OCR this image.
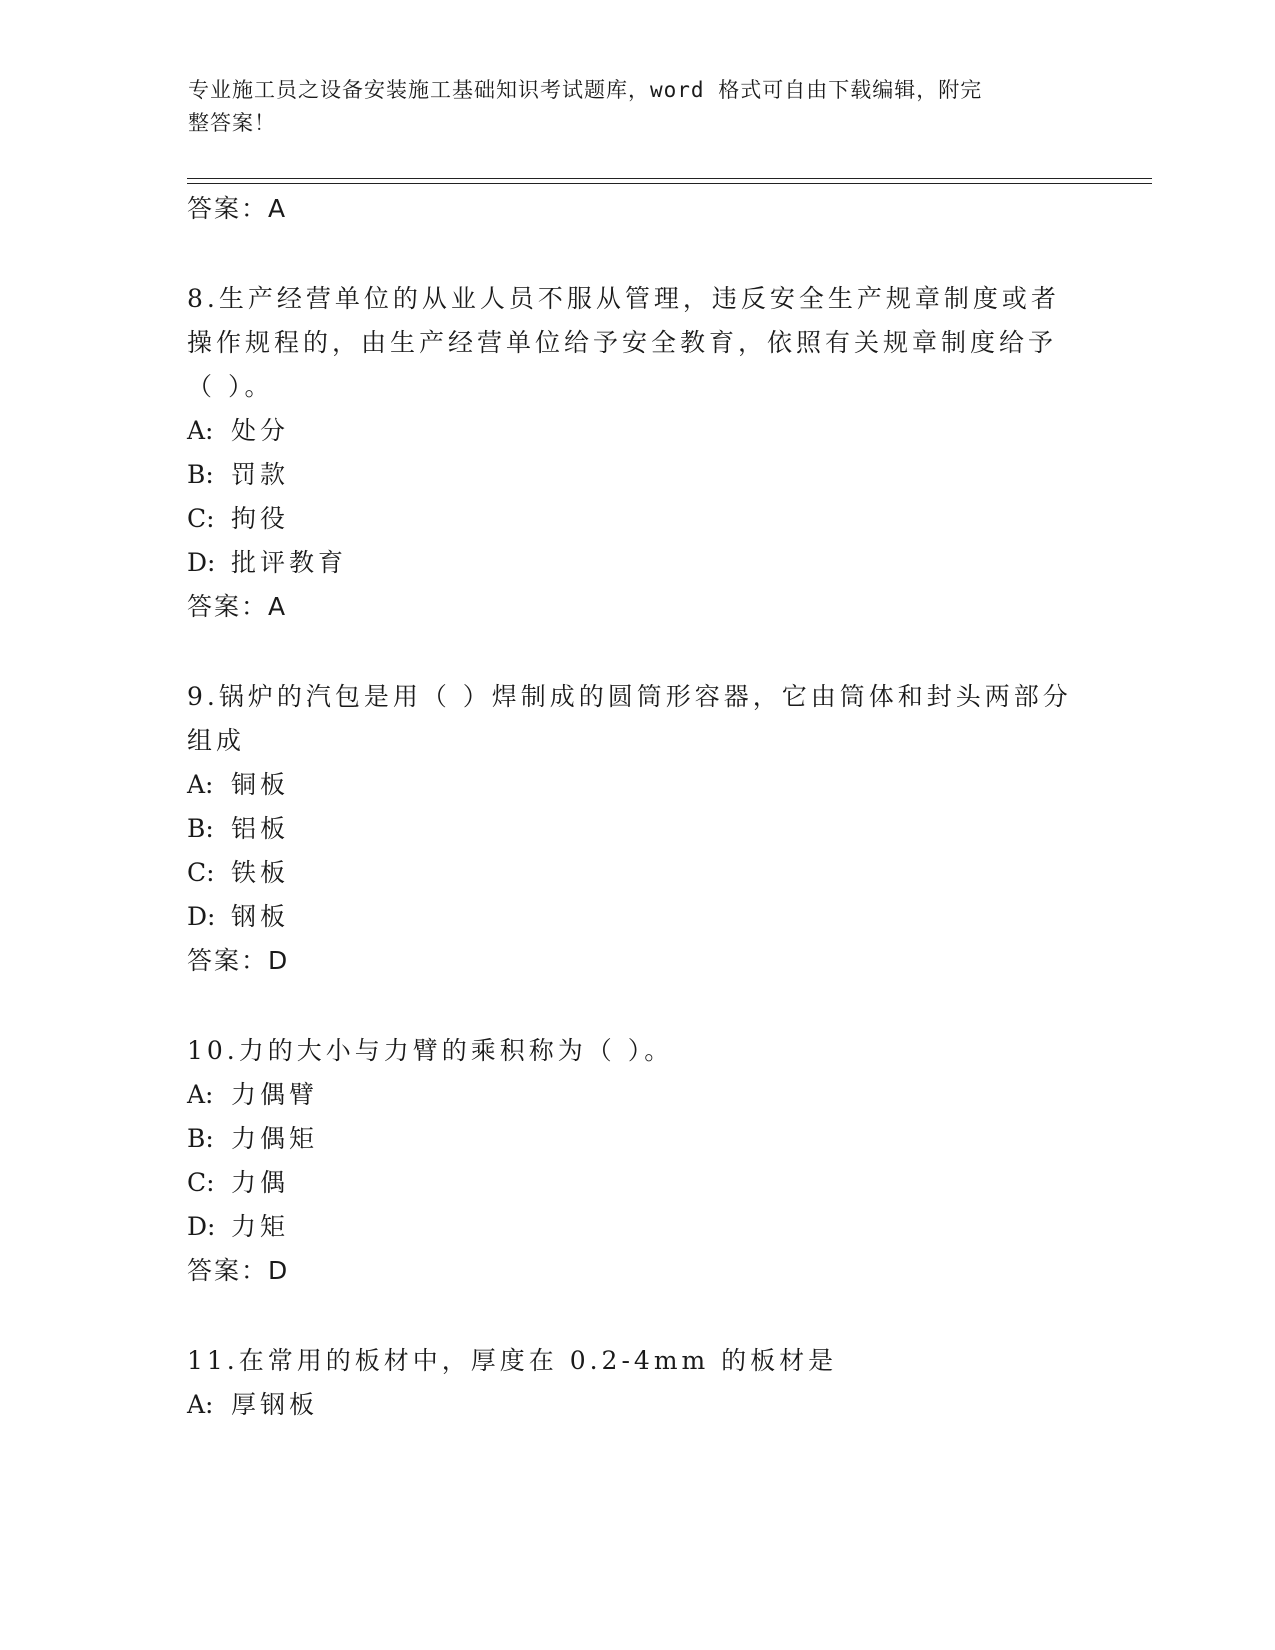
专业施工员之设备安装施工基础知识考试题库，word 格式可自由下载编辑，附完
整答案！
答案：A
8.生产经营单位的从业人员不服从管理，违反安全生产规章制度或者
操作规程的，由生产经营单位给予安全教育，依照有关规章制度给予
（ ）。
A: 处分
B: 罚款
C: 拘役
D: 批评教育
答案：A
9.锅炉的汽包是用（ ）焊制成的圆筒形容器，它由筒体和封头两部分
组成
A: 铜板
B: 铝板
C: 铁板
D: 钢板
答案：D
10.力的大小与力臂的乘积称为（ ）。
A: 力偶臂
B: 力偶矩
C: 力偶
D: 力矩
答案：D
11.在常用的板材中，厚度在 0.2-4mm 的板材是
A: 厚钢板
